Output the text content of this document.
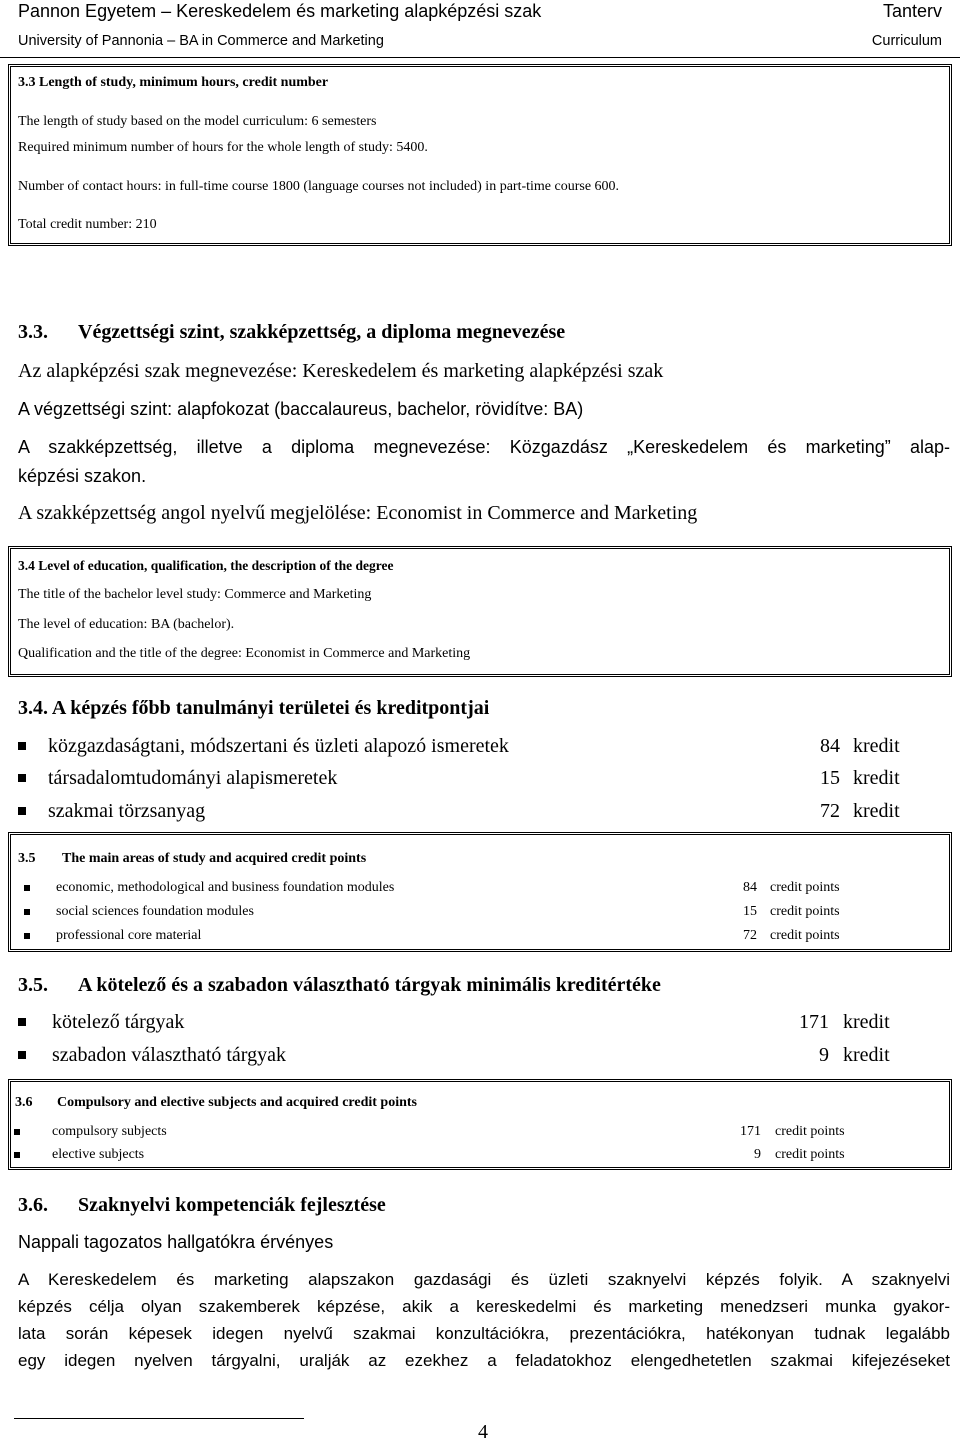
Pannon Egyetem – Kereskedelem és marketing alapképzési szak	Tanterv
University of Pannonia – BA in Commerce and Marketing	Curriculum
3.3 Length of study, minimum hours, credit number
The length of study based on the model curriculum: 6 semesters
Required minimum number of hours for the whole length of study: 5400.
Number of contact hours: in full-time course 1800 (language courses not included) in part-time course 600.
Total credit number: 210
3.3. Végzettségi szint, szakképzettség, a diploma megnevezése
Az alapképzési szak megnevezése: Kereskedelem és marketing alapképzési szak
A végzettségi szint: alapfokozat (baccalaureus, bachelor, rövidítve: BA)
A szakképzettség, illetve a diploma megnevezése: Közgazdász „Kereskedelem és marketing” alap-
képzési szakon.
A szakképzettség angol nyelvű megjelölése: Economist in Commerce and Marketing
3.4 Level of education, qualification, the description of the degree
The title of the bachelor level study: Commerce and Marketing
The level of education: BA (bachelor).
Qualification and the title of the degree: Economist in Commerce and Marketing
3.4. A képzés főbb tanulmányi területei és kreditpontjai
közgazdaságtani, módszertani és üzleti alapozó ismeretek	84 kredit
társadalomtudományi alapismeretek	15 kredit
szakmai törzsanyag	72 kredit
3.5 The main areas of study and acquired credit points
economic, methodological and business foundation modules	84 credit points
social sciences foundation modules	15 credit points
professional core material	72 credit points
3.5. A kötelező és a szabadon választható tárgyak minimális kreditértéke
kötelező tárgyak	171 kredit
szabadon választható tárgyak	9 kredit
3.6 Compulsory and elective subjects and acquired credit points
compulsory subjects	171 credit points
elective subjects	9 credit points
3.6. Szaknyelvi kompetenciák fejlesztése
Nappali tagozatos hallgatókra érvényes
A Kereskedelem és marketing alapszakon gazdasági és üzleti szaknyelvi képzés folyik. A szaknyelvi
képzés célja olyan szakemberek képzése, akik a kereskedelmi és marketing menedzseri munka gyakor-
lata során képesek idegen nyelvű szakmai konzultációkra, prezentációkra, hatékonyan tudnak legalább
egy idegen nyelven tárgyalni, uralják az ezekhez a feladatokhoz elengedhetetlen szakmai kifejezéseket
4
